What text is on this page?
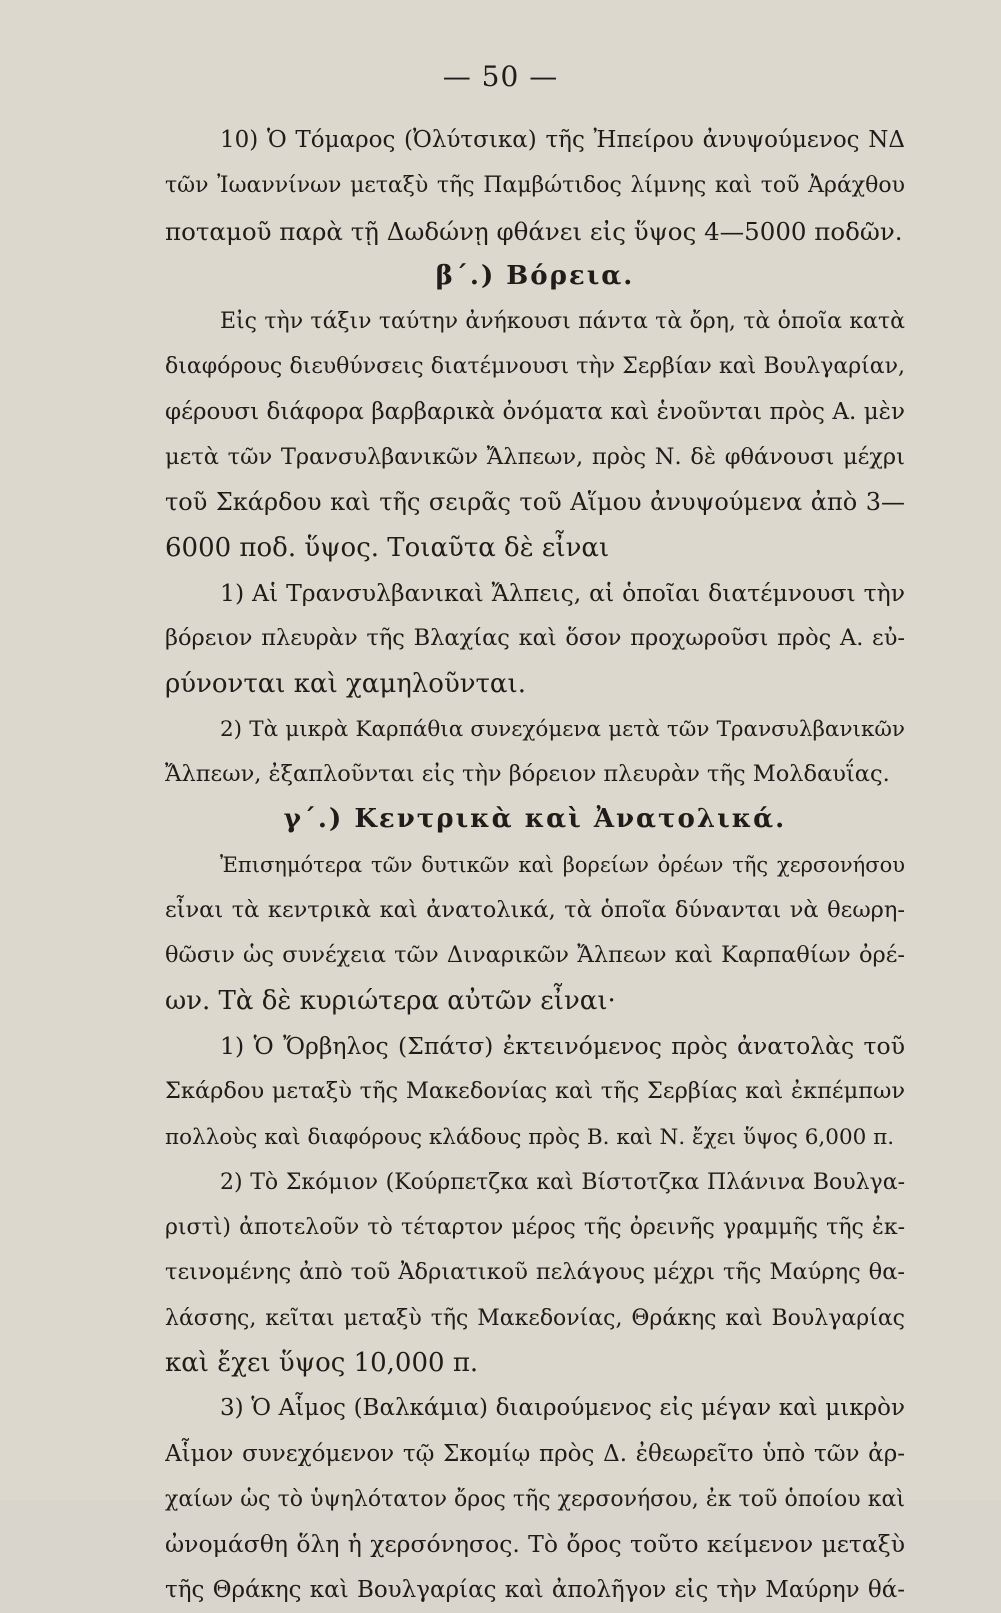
— 50 —
10) Ὁ Τόμαρος (Ὀλύτσικα) τῆς Ἠπείρου ἀνυψούμενος ΝΔ
τῶν Ἰωαννίνων μεταξὺ τῆς Παμβώτιδος λίμνης καὶ τοῦ Ἀράχθου
ποταμοῦ παρὰ τῇ Δωδώνῃ φθάνει εἰς ὕψος 4—5000 ποδῶν.
β΄.) Βόρεια.
Εἰς τὴν τάξιν ταύτην ἀνήκουσι πάντα τὰ ὄρη, τὰ ὁποῖα κατὰ
διαφόρους διευθύνσεις διατέμνουσι τὴν Σερβίαν καὶ Βουλγαρίαν,
φέρουσι διάφορα βαρβαρικὰ ὀνόματα καὶ ἑνοῦνται πρὸς Α. μὲν
μετὰ τῶν Τρανσυλβανικῶν Ἄλπεων, πρὸς Ν. δὲ φθάνουσι μέχρι
τοῦ Σκάρδου καὶ τῆς σειρᾶς τοῦ Αἵμου ἀνυψούμενα ἀπὸ 3—
6000 ποδ. ὕψος. Τοιαῦτα δὲ εἶναι
1) Αἱ Τρανσυλβανικαὶ Ἄλπεις, αἱ ὁποῖαι διατέμνουσι τὴν
βόρειον πλευρὰν τῆς Βλαχίας καὶ ὅσον προχωροῦσι πρὸς Α. εὐ-
ρύνονται καὶ χαμηλοῦνται.
2) Τὰ μικρὰ Καρπάθια συνεχόμενα μετὰ τῶν Τρανσυλβανικῶν
Ἄλπεων, ἐξαπλοῦνται εἰς τὴν βόρειον πλευρὰν τῆς Μολδαυΐας.
γ΄.) Κεντρικὰ καὶ Ἀνατολικά.
Ἐπισημότερα τῶν δυτικῶν καὶ βορείων ὀρέων τῆς χερσονήσου
εἶναι τὰ κεντρικὰ καὶ ἀνατολικά, τὰ ὁποῖα δύνανται νὰ θεωρη-
θῶσιν ὡς συνέχεια τῶν Διναρικῶν Ἄλπεων καὶ Καρπαθίων ὀρέ-
ων. Τὰ δὲ κυριώτερα αὐτῶν εἶναι·
1) Ὁ Ὄρβηλος (Σπάτσ) ἐκτεινόμενος πρὸς ἀνατολὰς τοῦ
Σκάρδου μεταξὺ τῆς Μακεδονίας καὶ τῆς Σερβίας καὶ ἐκπέμπων
πολλοὺς καὶ διαφόρους κλάδους πρὸς Β. καὶ Ν. ἔχει ὕψος 6,000 π.
2) Τὸ Σκόμιον (Κούρπετζκα καὶ Βίστοτζκα Πλάνινα Βουλγα-
ριστὶ) ἀποτελοῦν τὸ τέταρτον μέρος τῆς ὀρεινῆς γραμμῆς τῆς ἐκ-
τεινομένης ἀπὸ τοῦ Ἀδριατικοῦ πελάγους μέχρι τῆς Μαύρης θα-
λάσσης, κεῖται μεταξὺ τῆς Μακεδονίας, Θράκης καὶ Βουλγαρίας
καὶ ἔχει ὕψος 10,000 π.
3) Ὁ Αἷμος (Βαλκάμια) διαιρούμενος εἰς μέγαν καὶ μικρὸν
Αἷμον συνεχόμενον τῷ Σκομίῳ πρὸς Δ. ἐθεωρεῖτο ὑπὸ τῶν ἀρ-
χαίων ὡς τὸ ὑψηλότατον ὄρος τῆς χερσονήσου, ἐκ τοῦ ὁποίου καὶ
ὠνομάσθη ὅλη ἡ χερσόνησος. Τὸ ὄρος τοῦτο κείμενον μεταξὺ
τῆς Θράκης καὶ Βουλγαρίας καὶ ἀπολῆγον εἰς τὴν Μαύρην θά-
